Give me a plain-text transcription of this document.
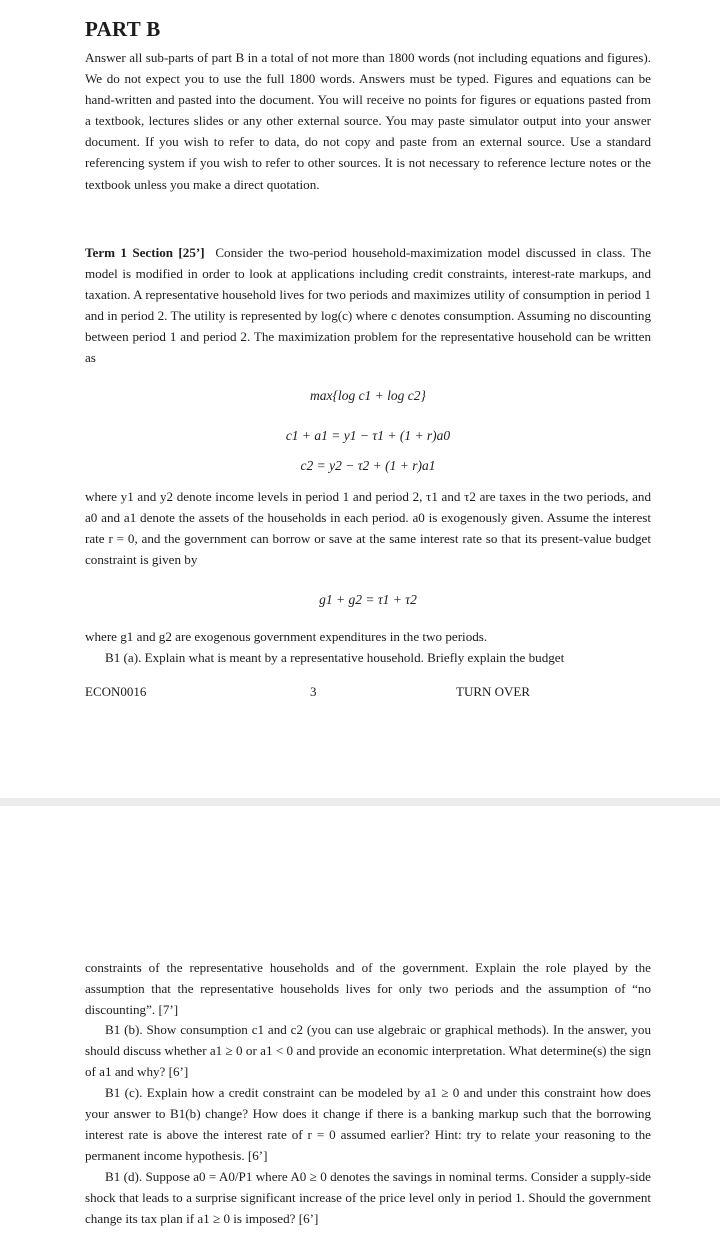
PART B

Answer all sub-parts of part B in a total of not more than 1800 words (not including equations and figures). We do not expect you to use the full 1800 words. Answers must be typed. Figures and equations can be hand-written and pasted into the document. You will receive no points for figures or equations pasted from a textbook, lectures slides or any other external source. You may paste simulator output into your answer document. If you wish to refer to data, do not copy and paste from an external source. Use a standard referencing system if you wish to refer to other sources. It is not necessary to reference lecture notes or the textbook unless you make a direct quotation.

Term 1 Section [25’] Consider the two-period household-maximization model discussed in class. The model is modified in order to look at applications including credit constraints, interest-rate markups, and taxation. A representative household lives for two periods and maximizes utility of consumption in period 1 and in period 2. The utility is represented by log(c) where c denotes consumption. Assuming no discounting between period 1 and period 2. The maximization problem for the representative household can be written as

max{log c1 + log c2}
c1 + a1 = y1 − τ1 + (1 + r)a0
c2 = y2 − τ2 + (1 + r)a1

where y1 and y2 denote income levels in period 1 and period 2, τ1 and τ2 are taxes in the two periods, and a0 and a1 denote the assets of the households in each period. a0 is exogenously given. Assume the interest rate r = 0, and the government can borrow or save at the same interest rate so that its present-value budget constraint is given by

g1 + g2 = τ1 + τ2

where g1 and g2 are exogenous government expenditures in the two periods.

B1 (a). Explain what is meant by a representative household. Briefly explain the budget

ECON0016	3	TURN OVER

constraints of the representative households and of the government. Explain the role played by the assumption that the representative households lives for only two periods and the assumption of “no discounting”. [7’]

B1 (b). Show consumption c1 and c2 (you can use algebraic or graphical methods). In the answer, you should discuss whether a1 ≥ 0 or a1 < 0 and provide an economic interpretation. What determine(s) the sign of a1 and why? [6’]

B1 (c). Explain how a credit constraint can be modeled by a1 ≥ 0 and under this constraint how does your answer to B1(b) change? How does it change if there is a banking markup such that the borrowing interest rate is above the interest rate of r = 0 assumed earlier? Hint: try to relate your reasoning to the permanent income hypothesis. [6’]

B1 (d). Suppose a0 = A0/P1 where A0 ≥ 0 denotes the savings in nominal terms. Consider a supply-side shock that leads to a surprise significant increase of the price level only in period 1. Should the government change its tax plan if a1 ≥ 0 is imposed? [6’]
